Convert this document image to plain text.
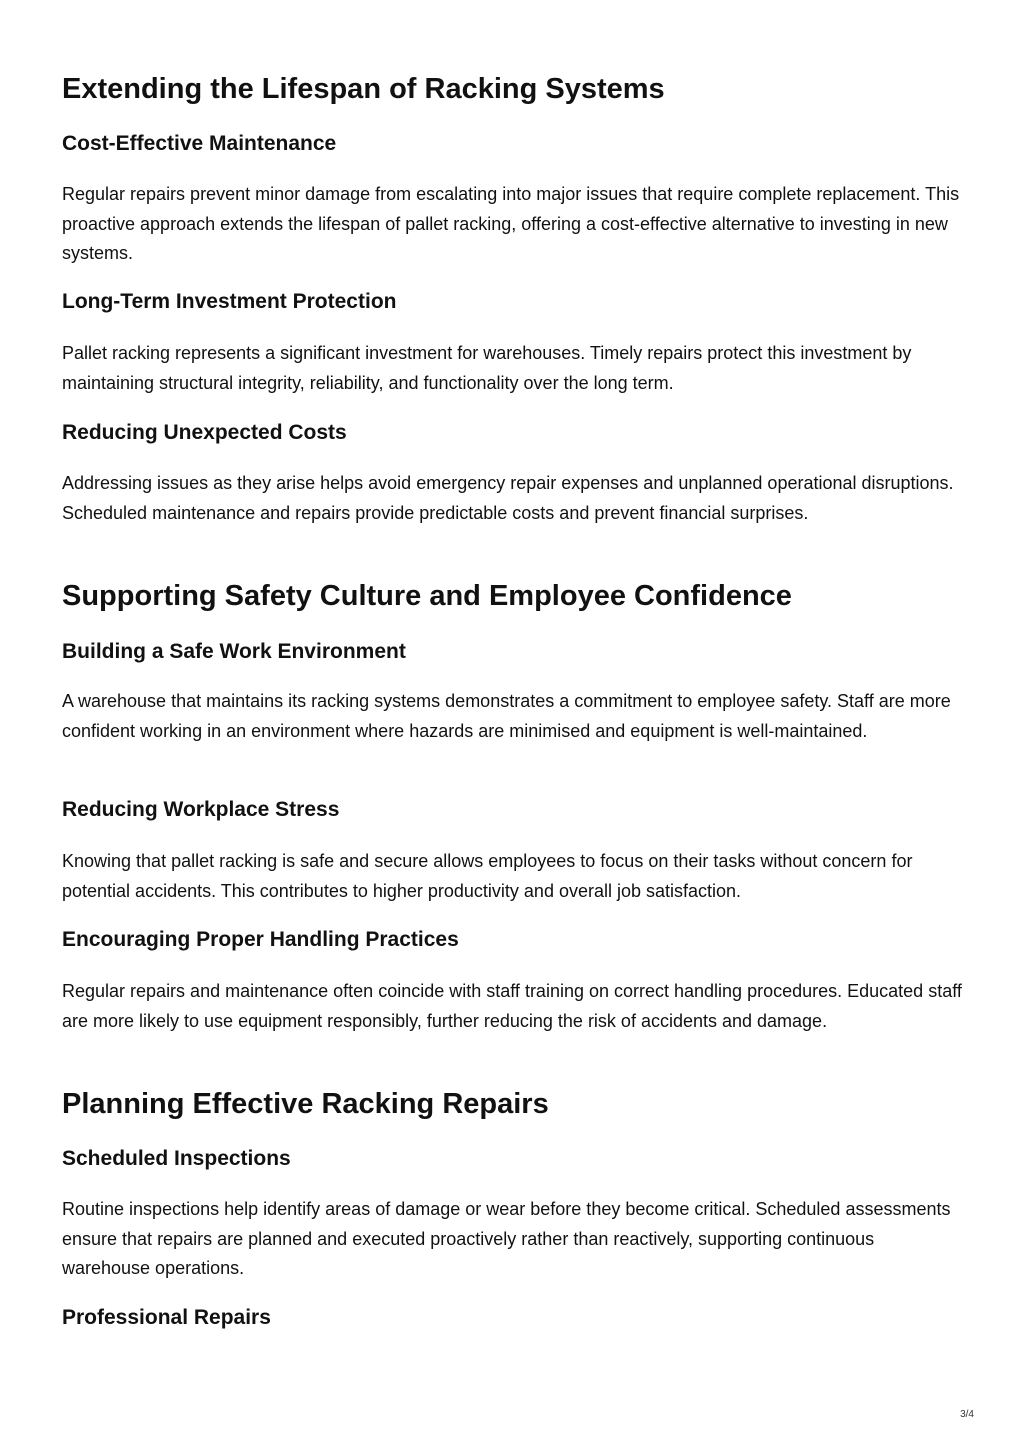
Extending the Lifespan of Racking Systems
Cost-Effective Maintenance

Regular repairs prevent minor damage from escalating into major issues that require complete replacement. This proactive approach extends the lifespan of pallet racking, offering a cost-effective alternative to investing in new systems.

Long-Term Investment Protection

Pallet racking represents a significant investment for warehouses. Timely repairs protect this investment by maintaining structural integrity, reliability, and functionality over the long term.

Reducing Unexpected Costs

Addressing issues as they arise helps avoid emergency repair expenses and unplanned operational disruptions. Scheduled maintenance and repairs provide predictable costs and prevent financial surprises.

Supporting Safety Culture and Employee Confidence
Building a Safe Work Environment

A warehouse that maintains its racking systems demonstrates a commitment to employee safety. Staff are more confident working in an environment where hazards are minimised and equipment is well-maintained.

Reducing Workplace Stress

Knowing that pallet racking is safe and secure allows employees to focus on their tasks without concern for potential accidents. This contributes to higher productivity and overall job satisfaction.

Encouraging Proper Handling Practices

Regular repairs and maintenance often coincide with staff training on correct handling procedures. Educated staff are more likely to use equipment responsibly, further reducing the risk of accidents and damage.

Planning Effective Racking Repairs
Scheduled Inspections

Routine inspections help identify areas of damage or wear before they become critical. Scheduled assessments ensure that repairs are planned and executed proactively rather than reactively, supporting continuous warehouse operations.

Professional Repairs
3/4
